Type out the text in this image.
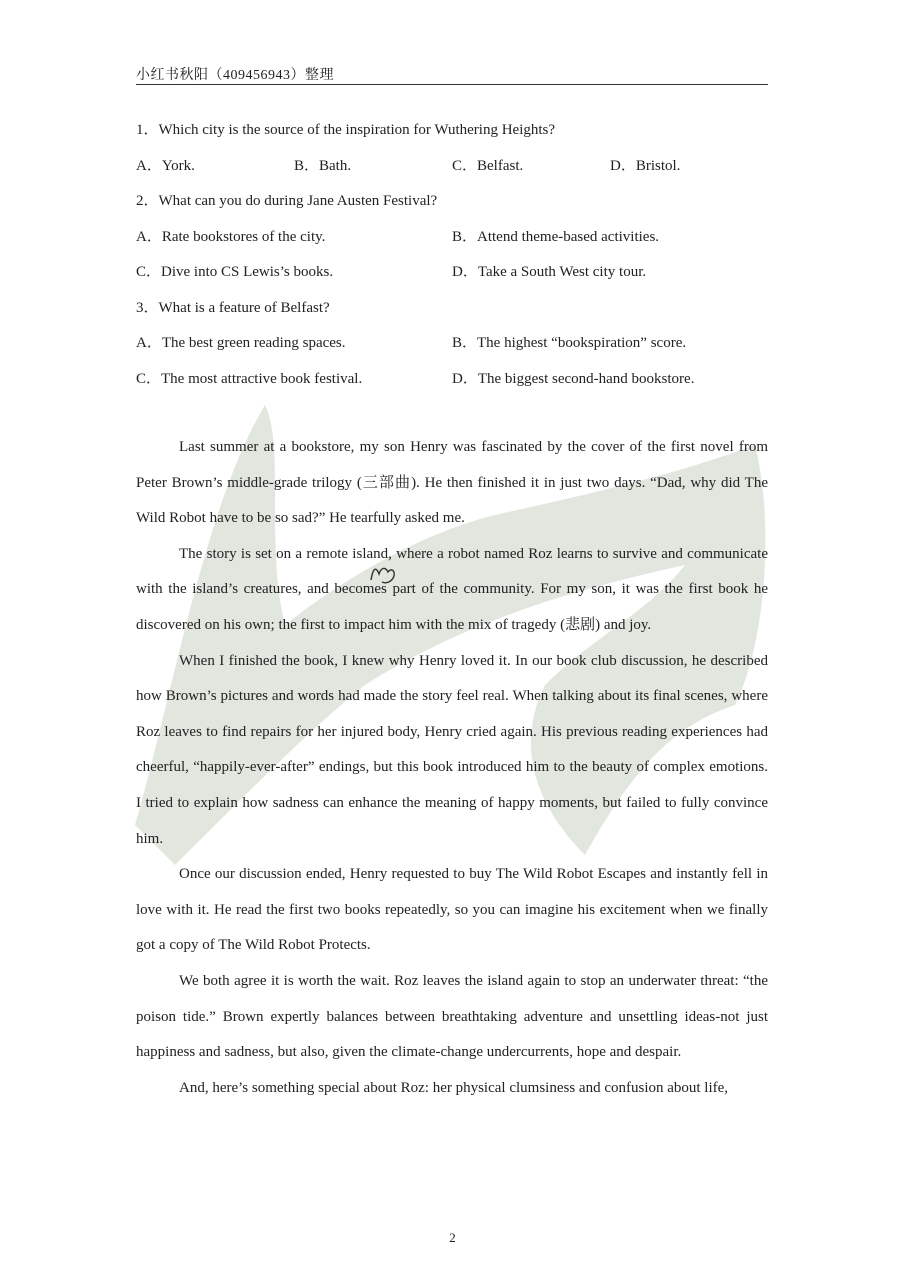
小红书秋阳（409456943）整理
1．Which city is the source of the inspiration for Wuthering Heights?
A．York.	B．Bath.	C．Belfast.	D．Bristol.
2．What can you do during Jane Austen Festival?
A．Rate bookstores of the city.	B．Attend theme-based activities.
C．Dive into CS Lewis’s books.	D．Take a South West city tour.
3．What is a feature of Belfast?
A．The best green reading spaces.	B．The highest “bookspiration” score.
C．The most attractive book festival.	D．The biggest second-hand bookstore.

Last summer at a bookstore, my son Henry was fascinated by the cover of the first novel from Peter Brown’s middle-grade trilogy (三部曲). He then finished it in just two days. “Dad, why did The Wild Robot have to be so sad?” He tearfully asked me.

The story is set on a remote island, where a robot named Roz learns to survive and communicate with the island’s creatures, and becomes part of the community. For my son, it was the first book he discovered on his own; the first to impact him with the mix of tragedy (悲剧) and joy.

When I finished the book, I knew why Henry loved it. In our book club discussion, he described how Brown’s pictures and words had made the story feel real. When talking about its final scenes, where Roz leaves to find repairs for her injured body, Henry cried again. His previous reading experiences had cheerful, “happily-ever-after” endings, but this book introduced him to the beauty of complex emotions. I tried to explain how sadness can enhance the meaning of happy moments, but failed to fully convince him.

Once our discussion ended, Henry requested to buy The Wild Robot Escapes and instantly fell in love with it. He read the first two books repeatedly, so you can imagine his excitement when we finally got a copy of The Wild Robot Protects.

We both agree it is worth the wait. Roz leaves the island again to stop an underwater threat: “the poison tide.” Brown expertly balances between breathtaking adventure and unsettling ideas-not just happiness and sadness, but also, given the climate-change undercurrents, hope and despair.

And, here’s something special about Roz: her physical clumsiness and confusion about life,

2
